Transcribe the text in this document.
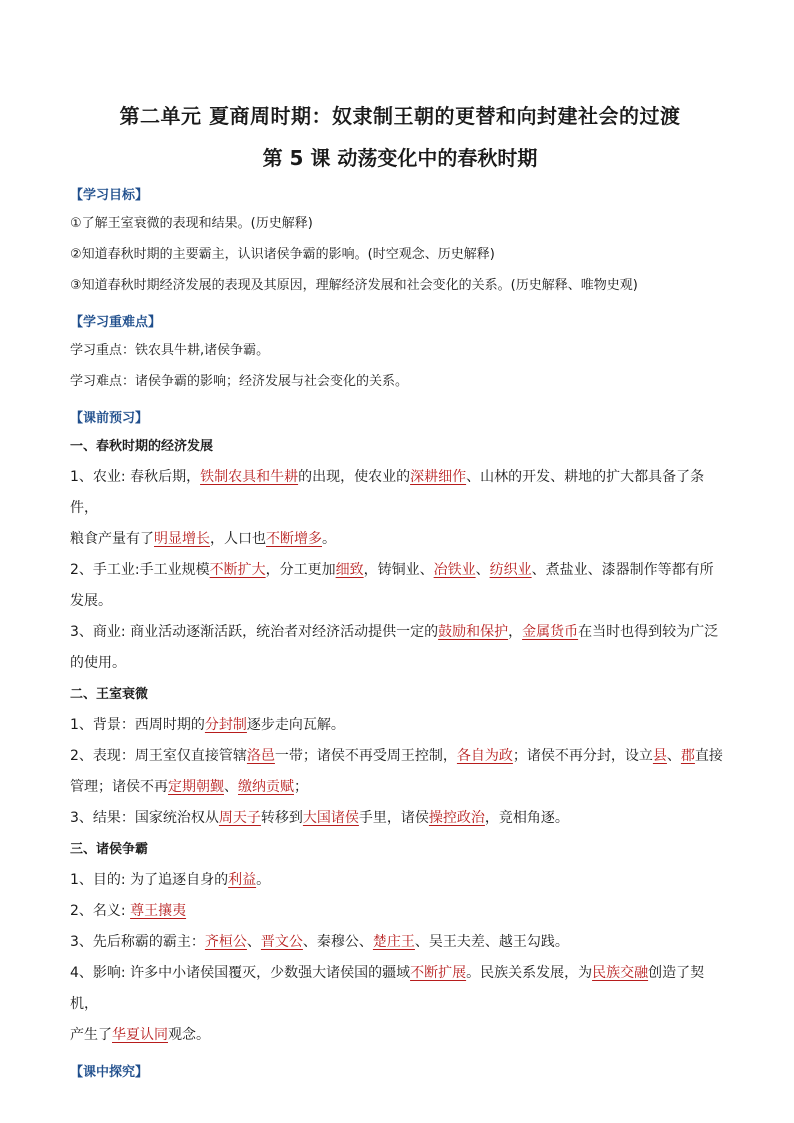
第二单元 夏商周时期：奴隶制王朝的更替和向封建社会的过渡
第 5 课 动荡变化中的春秋时期
【学习目标】
①了解王室衰微的表现和结果。(历史解释)
②知道春秋时期的主要霸主，认识诸侯争霸的影响。(时空观念、历史解释)
③知道春秋时期经济发展的表现及其原因，理解经济发展和社会变化的关系。(历史解释、唯物史观)
【学习重难点】
学习重点：铁农具牛耕,诸侯争霸。
学习难点：诸侯争霸的影响；经济发展与社会变化的关系。
【课前预习】
一、春秋时期的经济发展
1、农业: 春秋后期，铁制农具和牛耕的出现，使农业的深耕细作、山林的开发、耕地的扩大都具备了条件，
粮食产量有了明显增长，人口也不断增多。
2、手工业:手工业规模不断扩大，分工更加细致，铸铜业、冶铁业、纺织业、煮盐业、漆器制作等都有所
发展。
3、商业: 商业活动逐渐活跃，统治者对经济活动提供一定的鼓励和保护，金属货币在当时也得到较为广泛
的使用。
二、王室衰微
1、背景：西周时期的分封制逐步走向瓦解。
2、表现：周王室仅直接管辖洛邑一带；诸侯不再受周王控制，各自为政；诸侯不再分封，设立县、郡直接
管理；诸侯不再定期朝觐、缴纳贡赋；
3、结果：国家统治权从周天子转移到大国诸侯手里，诸侯操控政治，竞相角逐。
三、诸侯争霸
1、目的: 为了追逐自身的利益。
2、名义: 尊王攘夷
3、先后称霸的霸主：齐桓公、晋文公、秦穆公、楚庄王、吴王夫差、越王勾践。
4、影响: 许多中小诸侯国覆灭，少数强大诸侯国的疆域不断扩展。民族关系发展，为民族交融创造了契机，
产生了华夏认同观念。
【课中探究】
